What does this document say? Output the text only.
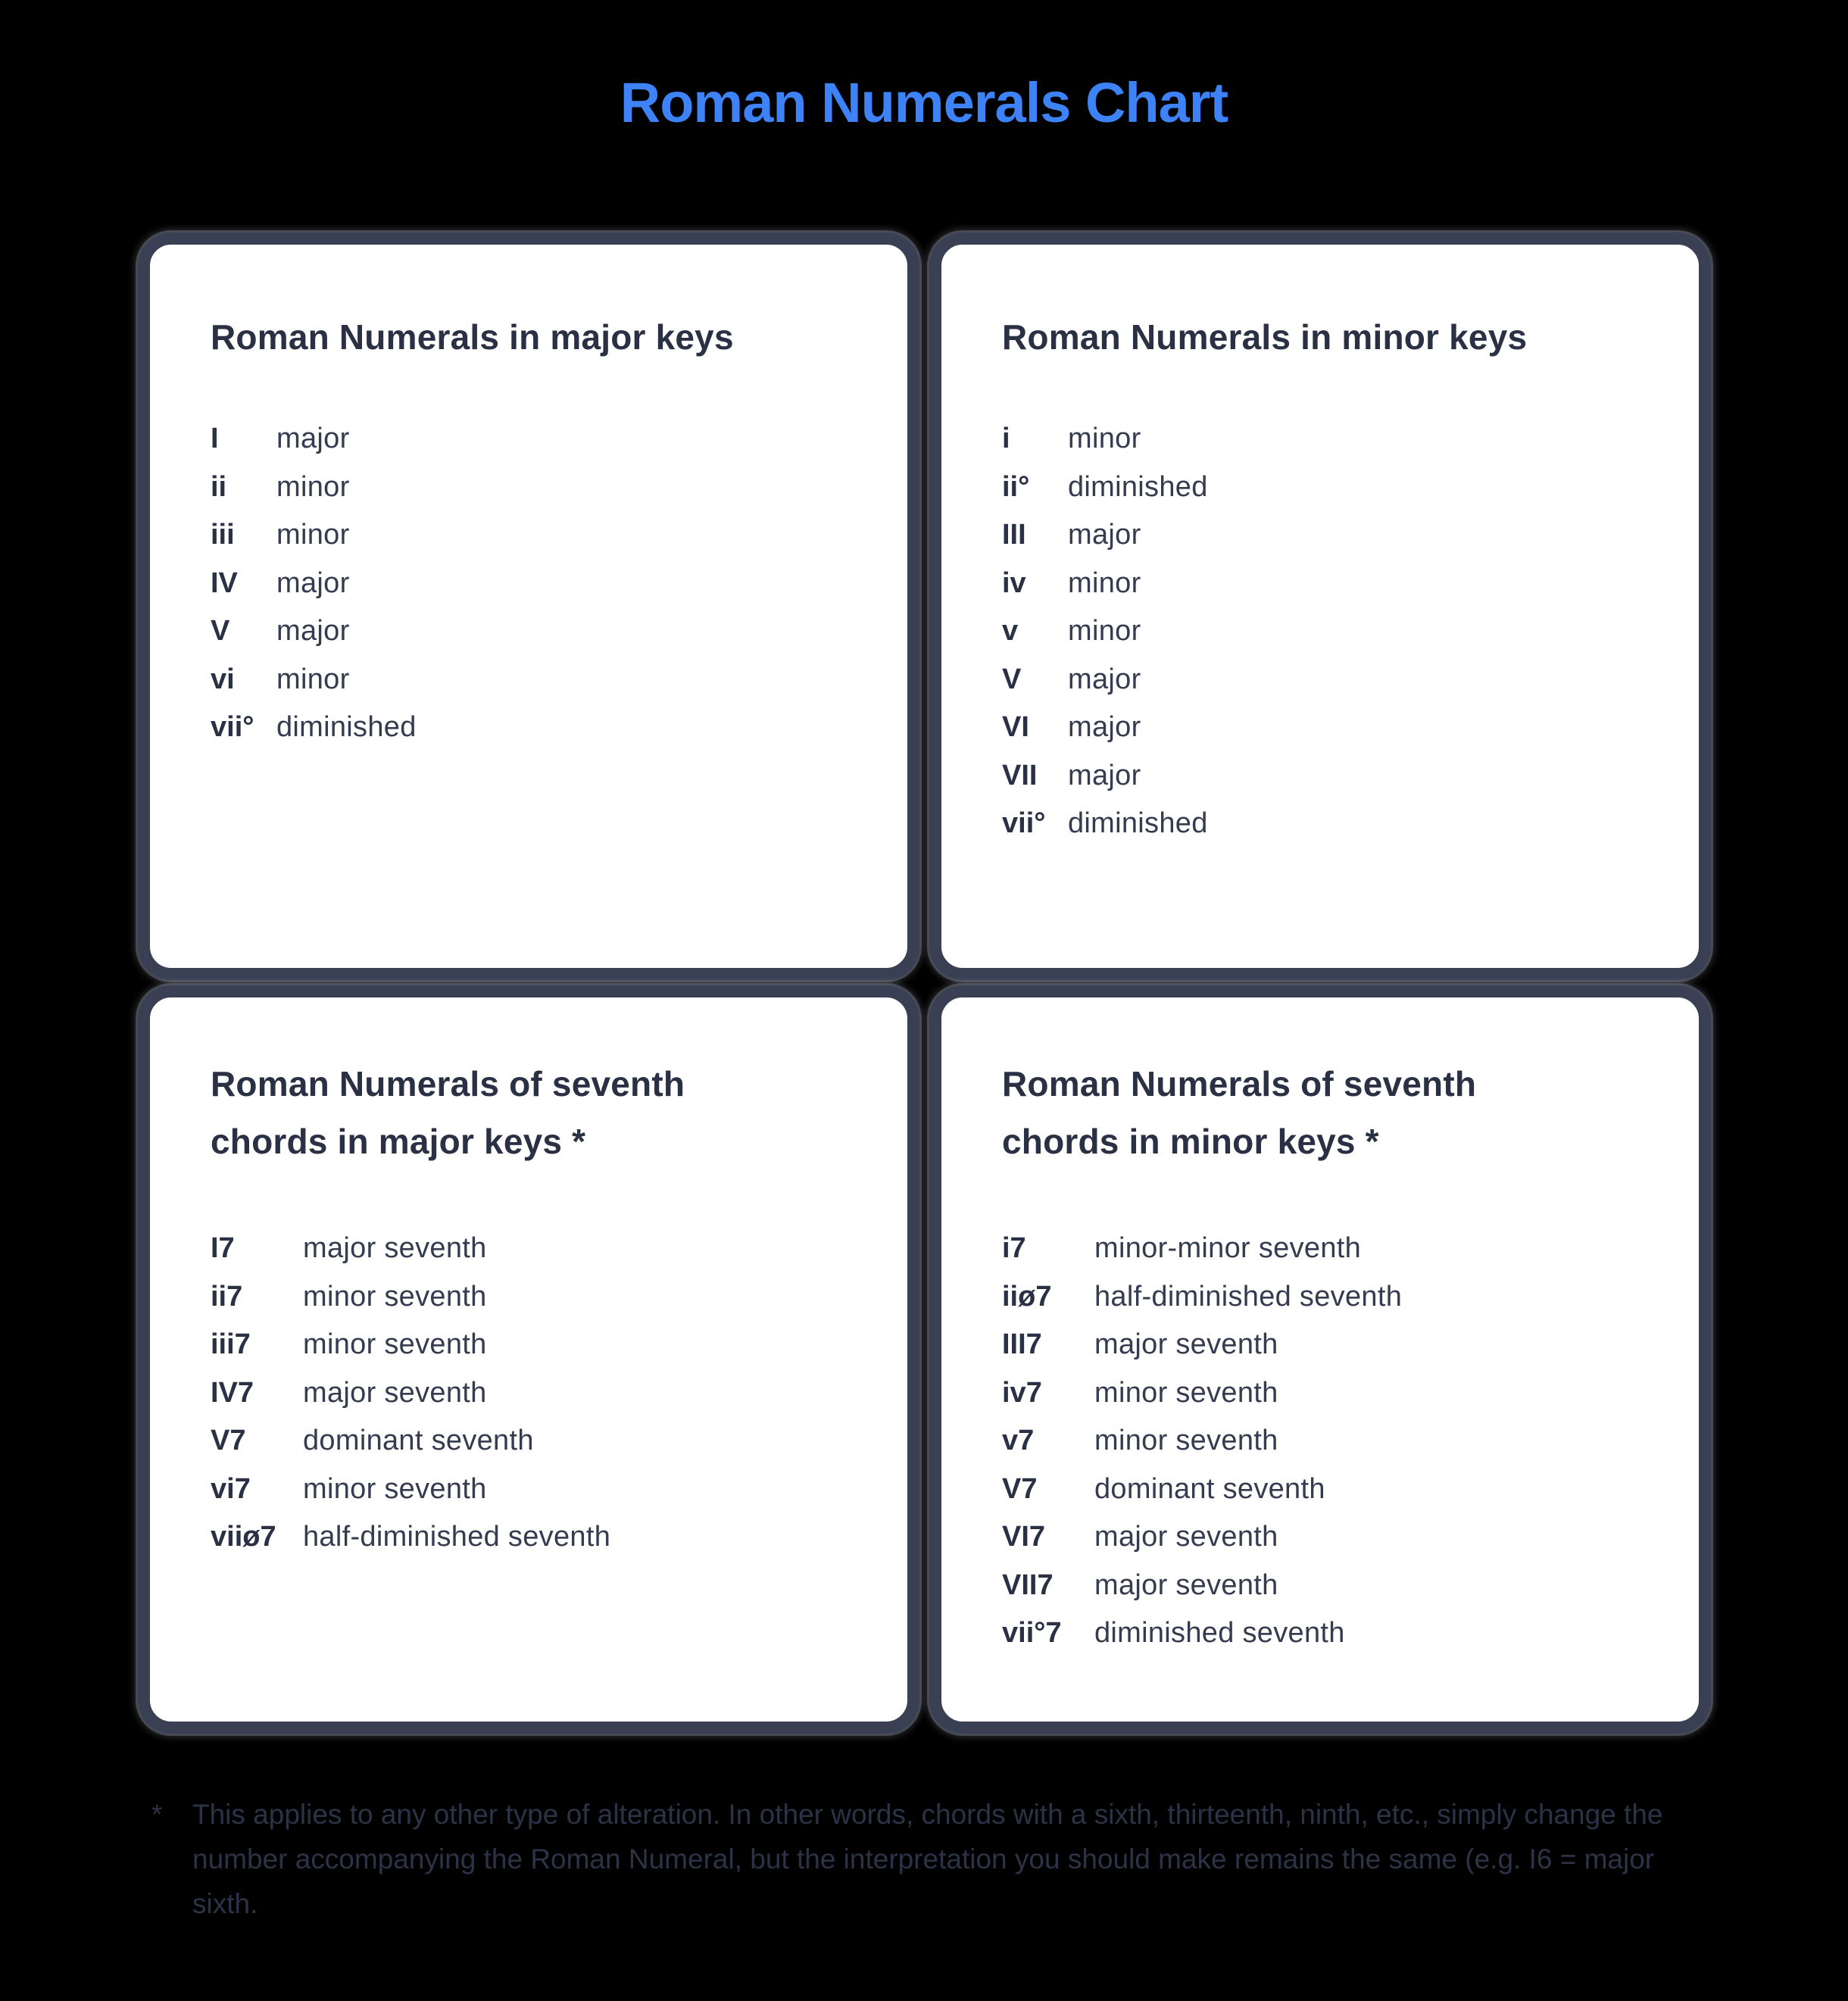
Roman Numerals Chart
Roman Numerals in major keys
I	major
ii	minor
iii	minor
IV	major
V	major
vi	minor
vii° diminished
Roman Numerals in minor keys
i	minor
ii°	diminished
III	major
iv	minor
v	minor
V	major
VI	major
VII	major
vii° diminished
Roman Numerals of seventh
chords in major keys *
I7	major seventh
ii7	minor seventh
iii7	minor seventh
IV7	major seventh
V7	dominant seventh
vi7	minor seventh
viiø7 half-diminished seventh
Roman Numerals of seventh
chords in minor keys *
i7	minor-minor seventh
iiø7	half-diminished seventh
III7	major seventh
iv7	minor seventh
v7	minor seventh
V7	dominant seventh
VI7	major seventh
VII7	major seventh
vii°7	diminished seventh
*	This applies to any other type of alteration. In other words, chords with a sixth, thirteenth, ninth, etc., simply change the number accompanying the Roman Numeral, but the interpretation you should make remains the same (e.g. I6 = major sixth.
